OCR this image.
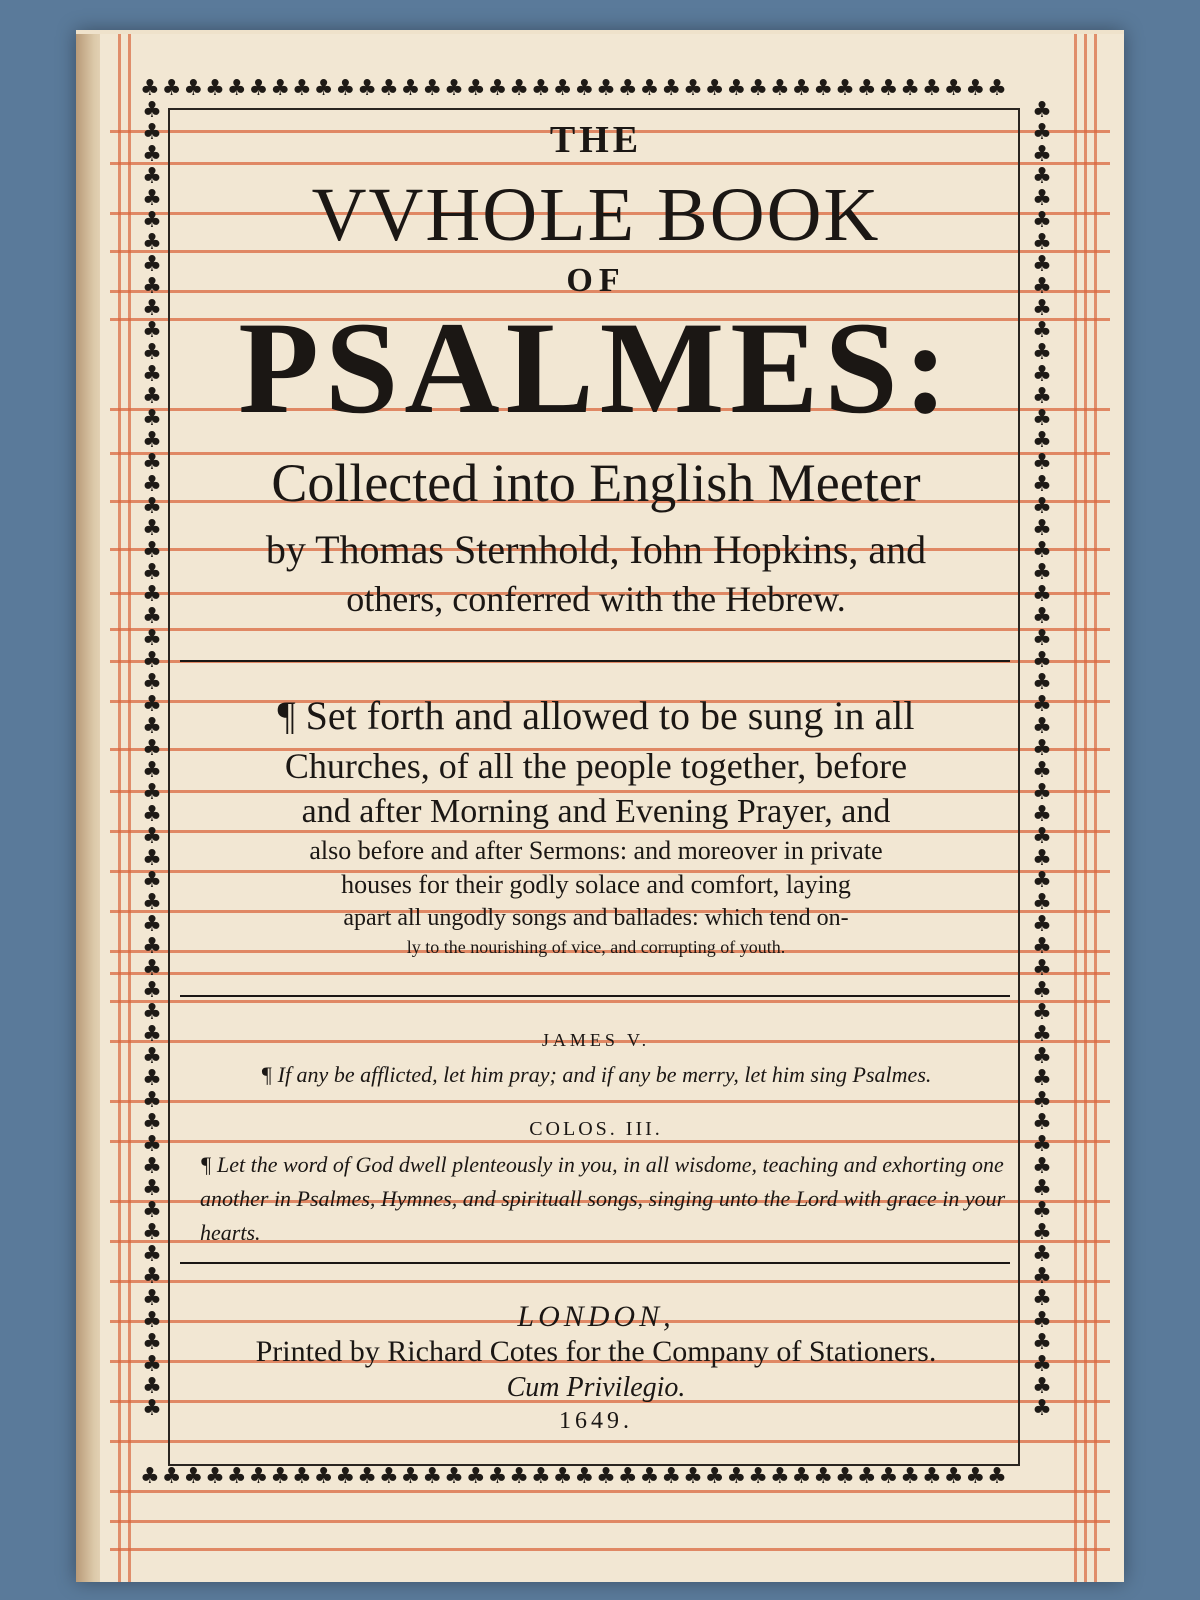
♣♣♣♣♣♣♣♣♣♣♣♣♣♣♣♣♣♣♣♣♣♣♣♣♣♣♣♣♣♣♣♣♣♣♣♣♣♣♣♣
♣♣♣♣♣♣♣♣♣♣♣♣♣♣♣♣♣♣♣♣♣♣♣♣♣♣♣♣♣♣♣♣♣♣♣♣♣♣♣♣
♣♣♣♣♣♣♣♣♣♣♣♣♣♣♣♣♣♣♣♣♣♣♣♣♣♣♣♣♣♣♣♣♣♣♣♣♣♣♣♣♣♣♣♣♣♣♣♣♣♣♣♣♣♣♣♣♣♣♣♣
♣♣♣♣♣♣♣♣♣♣♣♣♣♣♣♣♣♣♣♣♣♣♣♣♣♣♣♣♣♣♣♣♣♣♣♣♣♣♣♣♣♣♣♣♣♣♣♣♣♣♣♣♣♣♣♣♣♣♣♣
THE
VVHOLE BOOK
OF
PSALMES:
Collected into English Meeter
by Thomas Sternhold, Iohn Hopkins, and
others, conferred with the Hebrew.
¶ Set forth and allowed to be sung in all
Churches, of all the people together, before
and after Morning and Evening Prayer, and
also before and after Sermons: and moreover in private
houses for their godly solace and comfort, laying
apart all ungodly songs and ballades: which tend on-
ly to the nourishing of vice, and corrupting of youth.
JAMES V.
¶ If any be afflicted, let him pray; and if any be merry, let him sing Psalmes.
COLOS. III.
¶ Let the word of God dwell plenteously in you, in all wisdome, teaching and exhorting one another in Psalmes, Hymnes, and spirituall songs, singing unto the Lord with grace in your hearts.
LONDON,
Printed by Richard Cotes for the Company of Stationers.
Cum Privilegio.
1649.
